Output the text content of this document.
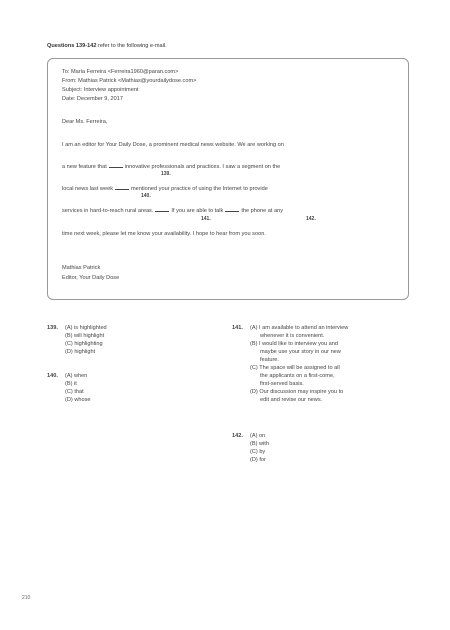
Questions 139-142 refer to the following e-mail.
To: Maria Ferreira <Ferreira1960@paran.com>
From: Mathias Patrick <Mathias@yourdailydose.com>
Subject: Interview appointment
Date: December 9, 2017
Dear Ms. Ferreira,
I am an editor for Your Daily Dose, a prominent medical news website. We are working on
a new feature that	innovative professionals and practices. I saw a segment on the
139.
local news last week	mentioned your practice of using the Internet to provide
140.
services in hard-to-reach rural areas.	If you are able to talk	the phone at any
141.	142.
time next week, please let me know your availability. I hope to hear from you soon.
Mathias Patrick
Editor, Your Daily Dose
139. (A) is highlighted
(B) will highlight
(C) highlighting
(D) highlight
140. (A) when
(B) it
(C) that
(D) whose
141. (A) I am available to attend an interview
whenever it is convenient.
(B) I would like to interview you and
maybe use your story in our new
feature.
(C) The space will be assigned to all
the applicants on a first-come,
first-served basis.
(D) Our discussion may inspire you to
edit and revise our news.
142. (A) on
(B) with
(C) by
(D) for
210
